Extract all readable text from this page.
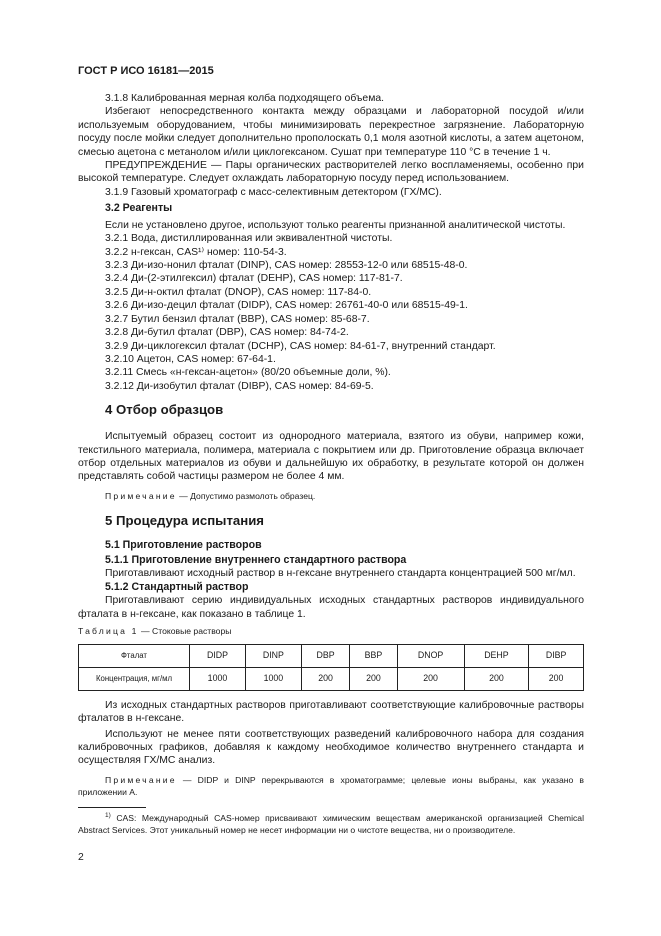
ГОСТ Р ИСО 16181—2015

3.1.8 Калиброванная мерная колба подходящего объема.

Избегают непосредственного контакта между образцами и лабораторной посудой и/или используемым оборудованием, чтобы минимизировать перекрестное загрязнение. Лабораторную посуду после мойки следует дополнительно прополоскать 0,1 моля азотной кислоты, а затем ацетоном, смесью ацетона с метанолом и/или циклогексаном. Сушат при температуре 110 °С в течение 1 ч.

ПРЕДУПРЕЖДЕНИЕ — Пары органических растворителей легко воспламеняемы, особенно при высокой температуре. Следует охлаждать лабораторную посуду перед использованием.

3.1.9 Газовый хроматограф с масс-селективным детектором (ГХ/МС).

3.2 Реагенты

Если не установлено другое, используют только реагенты признанной аналитической чистоты.

3.2.1 Вода, дистиллированная или эквивалентной чистоты.

3.2.2 н-гексан, CAS¹⁾ номер: 110-54-3.

3.2.3 Ди-изо-нонил фталат (DINP), CAS номер: 28553-12-0 или 68515-48-0.

3.2.4 Ди-(2-этилгексил) фталат (DEHP), CAS номер: 117-81-7.

3.2.5 Ди-н-октил фталат (DNOP), CAS номер: 117-84-0.

3.2.6 Ди-изо-децил фталат (DIDP), CAS номер: 26761-40-0 или 68515-49-1.

3.2.7 Бутил бензил фталат (BBP), CAS номер: 85-68-7.

3.2.8 Ди-бутил фталат (DBP), CAS номер: 84-74-2.

3.2.9 Ди-циклогексил фталат (DCHP), CAS номер: 84-61-7, внутренний стандарт.

3.2.10 Ацетон, CAS номер: 67-64-1.

3.2.11 Смесь «н-гексан-ацетон» (80/20 объемные доли, %).

3.2.12 Ди-изобутил фталат (DIBP), CAS номер: 84-69-5.

4 Отбор образцов

Испытуемый образец состоит из однородного материала, взятого из обуви, например кожи, текстильного материала, полимера, материала с покрытием или др. Приготовление образца включает отбор отдельных материалов из обуви и дальнейшую их обработку, в результате которой он должен представлять собой частицы размером не более 4 мм.

Примечание — Допустимо размолоть образец.

5 Процедура испытания
5.1 Приготовление растворов
5.1.1 Приготовление внутреннего стандартного раствора

Приготавливают исходный раствор в н-гексане внутреннего стандарта концентрацией 500 мг/мл.

5.1.2 Стандартный раствор

Приготавливают серию индивидуальных исходных стандартных растворов индивидуального фталата в н-гексане, как показано в таблице 1.

Таблица 1 — Стоковые растворы
Фталат	DIDP	DINP	DBP	BBP	DNOP	DEHP	DIBP
Концентрация, мг/мл	1000	1000	200	200	200	200	200

Из исходных стандартных растворов приготавливают соответствующие калибровочные растворы фталатов в н-гексане.

Используют не менее пяти соответствующих разведений калибровочного набора для создания калибровочных графиков, добавляя к каждому необходимое количество внутреннего стандарта и осуществляя ГХ/МС анализ.

Примечание — DIDP и DINP перекрываются в хроматограмме; целевые ионы выбраны, как указано в приложении А.

$^{1)}$ CAS: Международный CAS-номер присваивают химическим веществам американской организацией Chemical Abstract Services. Этот уникальный номер не несет информации ни о чистоте вещества, ни о производителе.

2
